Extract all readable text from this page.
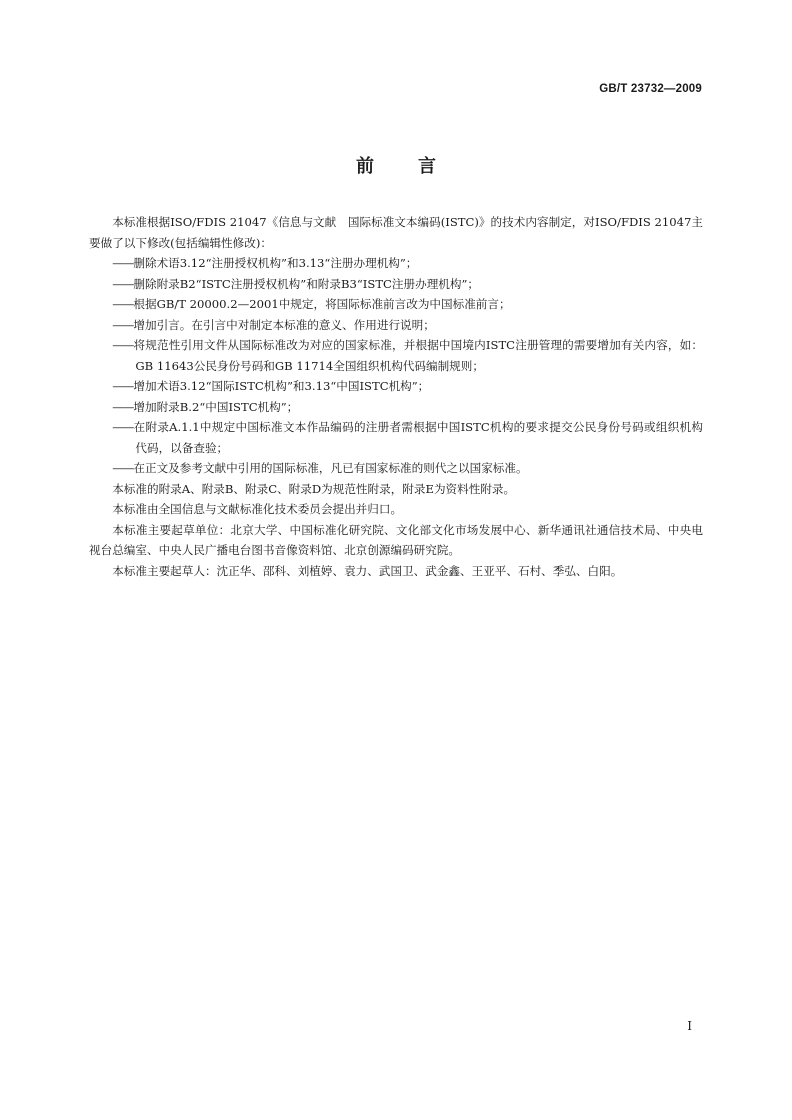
GB/T 23732—2009
前言

本标准根据ISO/FDIS 21047《信息与文献　国际标准文本编码(ISTC)》的技术内容制定，对ISO/FDIS 21047主要做了以下修改(包括编辑性修改)：

——删除术语3.12“注册授权机构”和3.13“注册办理机构”；

——删除附录B2“ISTC注册授权机构”和附录B3“ISTC注册办理机构”；

——根据GB/T 20000.2—2001中规定，将国际标准前言改为中国标准前言；

——增加引言。在引言中对制定本标准的意义、作用进行说明；

——将规范性引用文件从国际标准改为对应的国家标准，并根据中国境内ISTC注册管理的需要增加有关内容，如：GB 11643公民身份号码和GB 11714全国组织机构代码编制规则；

——增加术语3.12“国际ISTC机构”和3.13“中国ISTC机构”；

——增加附录B.2“中国ISTC机构”；

——在附录A.1.1中规定中国标准文本作品编码的注册者需根据中国ISTC机构的要求提交公民身份号码或组织机构代码，以备查验；

——在正文及参考文献中引用的国际标准，凡已有国家标准的则代之以国家标准。

本标准的附录A、附录B、附录C、附录D为规范性附录，附录E为资料性附录。

本标准由全国信息与文献标准化技术委员会提出并归口。

本标准主要起草单位：北京大学、中国标准化研究院、文化部文化市场发展中心、新华通讯社通信技术局、中央电视台总编室、中央人民广播电台图书音像资料馆、北京创源编码研究院。

本标准主要起草人：沈正华、邵科、刘植婷、袁力、武国卫、武金鑫、王亚平、石村、季弘、白阳。

I
